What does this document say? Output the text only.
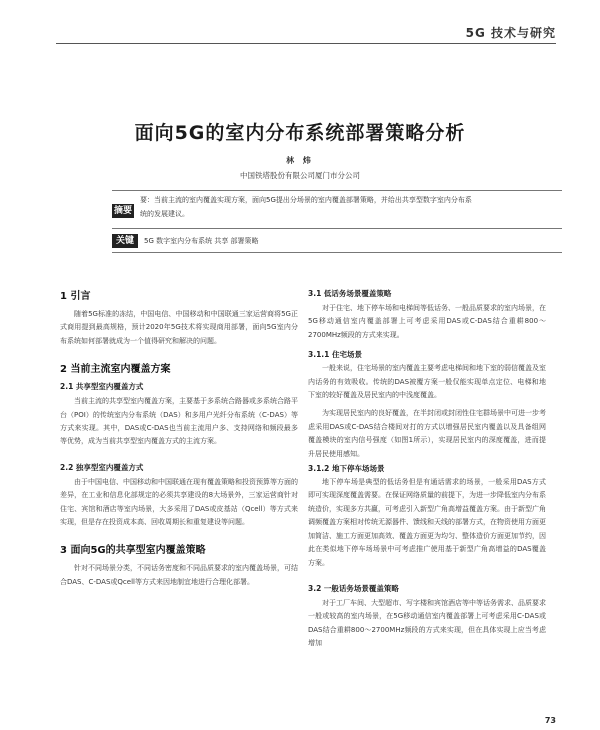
5G 技术与研究
面向5G的室内分布系统部署策略分析
林 炜
中国铁塔股份有限公司厦门市分公司
摘要
要：当前主流的室内覆盖实现方案，面向5G提出分场景的室内覆盖部署策略，并给出共享型数字室内分布系
统的发展建议。
关键词
5G 数字室内分布系统 共享 部署策略
1 引言

随着5G标准的冻结，中国电信、中国移动和中国联通三家运营商将5G正式商用提到最高规格，预计2020年5G技术将实现商用部署，面向5G室内分布系统如何部署就成为一个值得研究和解决的问题。

2 当前主流室内覆盖方案
2.1 共享型室内覆盖方式

当前主流的共享型室内覆盖方案，主要基于多系统合路器或多系统合路平台（POI）的传统室内分布系统（DAS）和多用户光纤分布系统（C-DAS）等方式来实现。其中，DAS或C-DAS也当前主流用户多、支持网络和频段最多等优势，成为当前共享型室内覆盖方式的主流方案。

2.2 独享型室内覆盖方式

由于中国电信、中国移动和中国联通在现有覆盖策略和投资预算等方面的差异，在工业和信息化部规定的必须共享建设的8大场景外，三家运营商针对住宅、宾馆和酒店等室内场景，大多采用了DAS或皮基站（Qcell）等方式来实现，但是存在投资成本高、回收周期长和重复建设等问题。

3 面向5G的共享型室内覆盖策略

针对不同场景分类，不同话务密度和不同品质要求的室内覆盖场景，可结合DAS、C-DAS或Qcell等方式来因地制宜地进行合理化部署。

3.1 低话务场景覆盖策略

对于住宅、地下停车场和电梯间等低话务、一般品质要求的室内场景，在5G移动通信室内覆盖部署上可考虑采用DAS或C-DAS结合重耕800～2700MHz频段的方式来实现。

3.1.1 住宅场景

一般来说，住宅场景的室内覆盖主要考虑电梯间和地下室的弱信覆盖及室内话务的有效吸收。传统的DAS被覆方案一般仅能实现单点定位、电梯和地下室的较好覆盖及居民室内的中浅度覆盖。

为实现居民室内的良好覆盖，在半封闭或封闭性住宅群场景中可进一步考虑采用DAS或C-DAS结合楼间对打的方式以增强居民室内覆盖以及具备组网覆盖模块的室内信号强度（如图1所示），实现居民室内的深度覆盖，进而提升居民使用感知。

3.1.2 地下停车场场景

地下停车场是典型的低话务但是有通话需求的场景，一般采用DAS方式即可实现深度覆盖需要。在保证网络质量的前提下，为进一步降低室内分布系统造价，实现多方共赢，可考虑引入新型广角高增益覆盖方案。由于新型广角调频覆盖方案相对传统无源器件、馈线和天线的部署方式，在物资使用方面更加简洁、施工方面更加高效、覆盖方面更为均匀、整体造价方面更加节约，因此在类似地下停车场场景中可考虑推广使用基于新型广角高增益的DAS覆盖方案。

3.2 一般话务场景覆盖策略

对于工厂车间、大型超市、写字楼和宾馆酒店等中等话务需求、品质要求一般或较高的室内场景，在5G移动通信室内覆盖部署上可考虑采用C-DAS或DAS结合重耕800～2700MHz频段的方式来实现，但在具体实现上应当考虑增加

73
